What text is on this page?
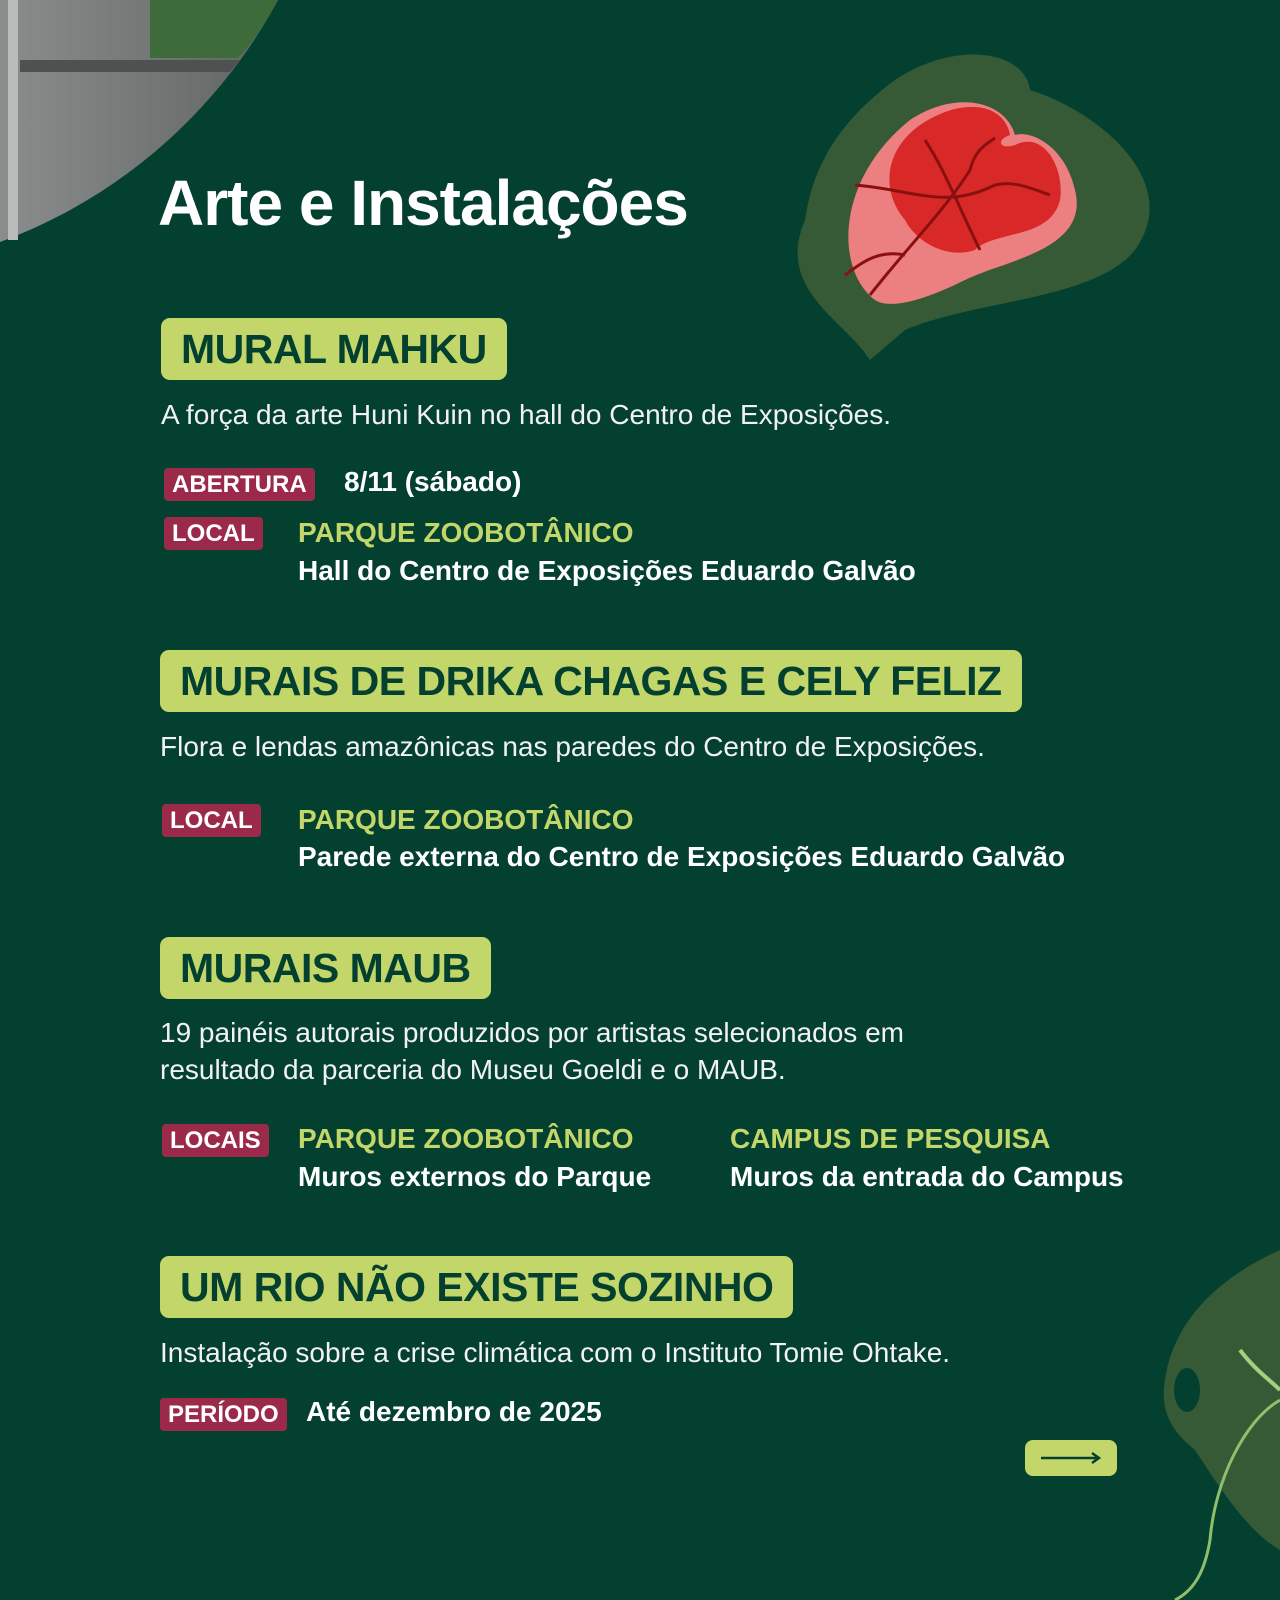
Arte e Instalações
MURAL MAHKU
A força da arte Huni Kuin no hall do Centro de Exposições.
ABERTURA 8/11 (sábado)
LOCAL PARQUE ZOOBOTÂNICO
Hall do Centro de Exposições Eduardo Galvão
MURAIS DE DRIKA CHAGAS E CELY FELIZ
Flora e lendas amazônicas nas paredes do Centro de Exposições.
LOCAL PARQUE ZOOBOTÂNICO
Parede externa do Centro de Exposições Eduardo Galvão
MURAIS MAUB
19 painéis autorais produzidos por artistas selecionados em
resultado da parceria do Museu Goeldi e o MAUB.
LOCAIS PARQUE ZOOBOTÂNICO
Muros externos do Parque
CAMPUS DE PESQUISA
Muros da entrada do Campus
UM RIO NÃO EXISTE SOZINHO
Instalação sobre a crise climática com o Instituto Tomie Ohtake.
PERÍODO Até dezembro de 2025
